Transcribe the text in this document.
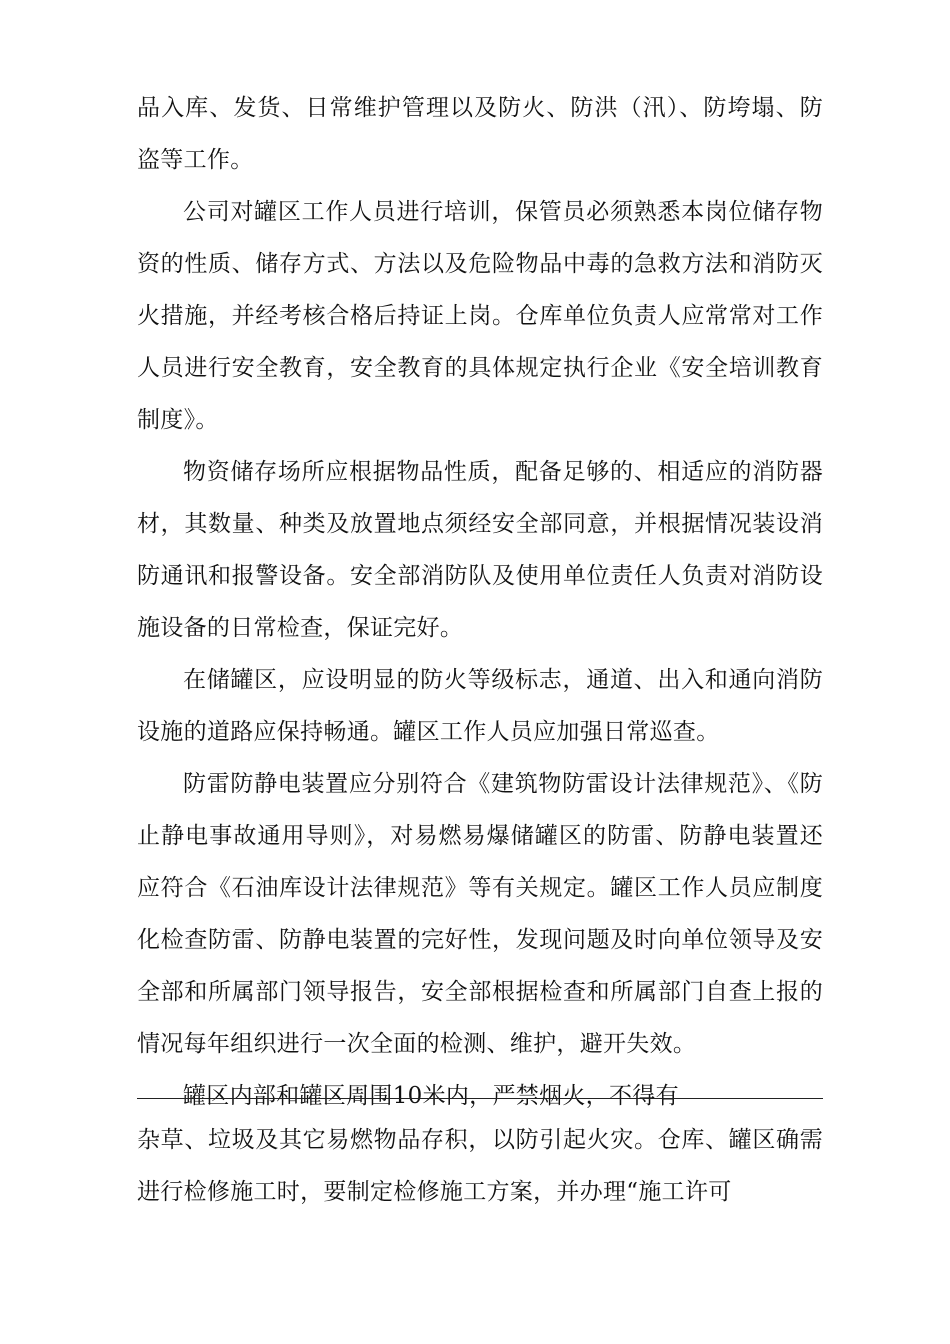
品入库、发货、日常维护管理以及防火、防洪（汛）、防垮塌、防盗等工作。

公司对罐区工作人员进行培训，保管员必须熟悉本岗位储存物资的性质、储存方式、方法以及危险物品中毒的急救方法和消防灭火措施，并经考核合格后持证上岗。仓库单位负责人应常常对工作人员进行安全教育，安全教育的具体规定执行企业《安全培训教育制度》。

物资储存场所应根据物品性质，配备足够的、相适应的消防器材，其数量、种类及放置地点须经安全部同意，并根据情况装设消防通讯和报警设备。安全部消防队及使用单位责任人负责对消防设施设备的日常检查，保证完好。

在储罐区，应设明显的防火等级标志，通道、出入和通向消防设施的道路应保持畅通。罐区工作人员应加强日常巡查。

防雷防静电装置应分别符合《建筑物防雷设计法律规范》、《防止静电事故通用导则》，对易燃易爆储罐区的防雷、防静电装置还应符合《石油库设计法律规范》等有关规定。罐区工作人员应制度化检查防雷、防静电装置的完好性，发现问题及时向单位领导及安全部和所属部门领导报告，安全部根据检查和所属部门自查上报的情况每年组织进行一次全面的检测、维护，避开失效。

罐区内部和罐区周围10米内，严禁烟火，不得有

杂草、垃圾及其它易燃物品存积，以防引起火灾。仓库、罐区确需进行检修施工时，要制定检修施工方案，并办理“施工许可
